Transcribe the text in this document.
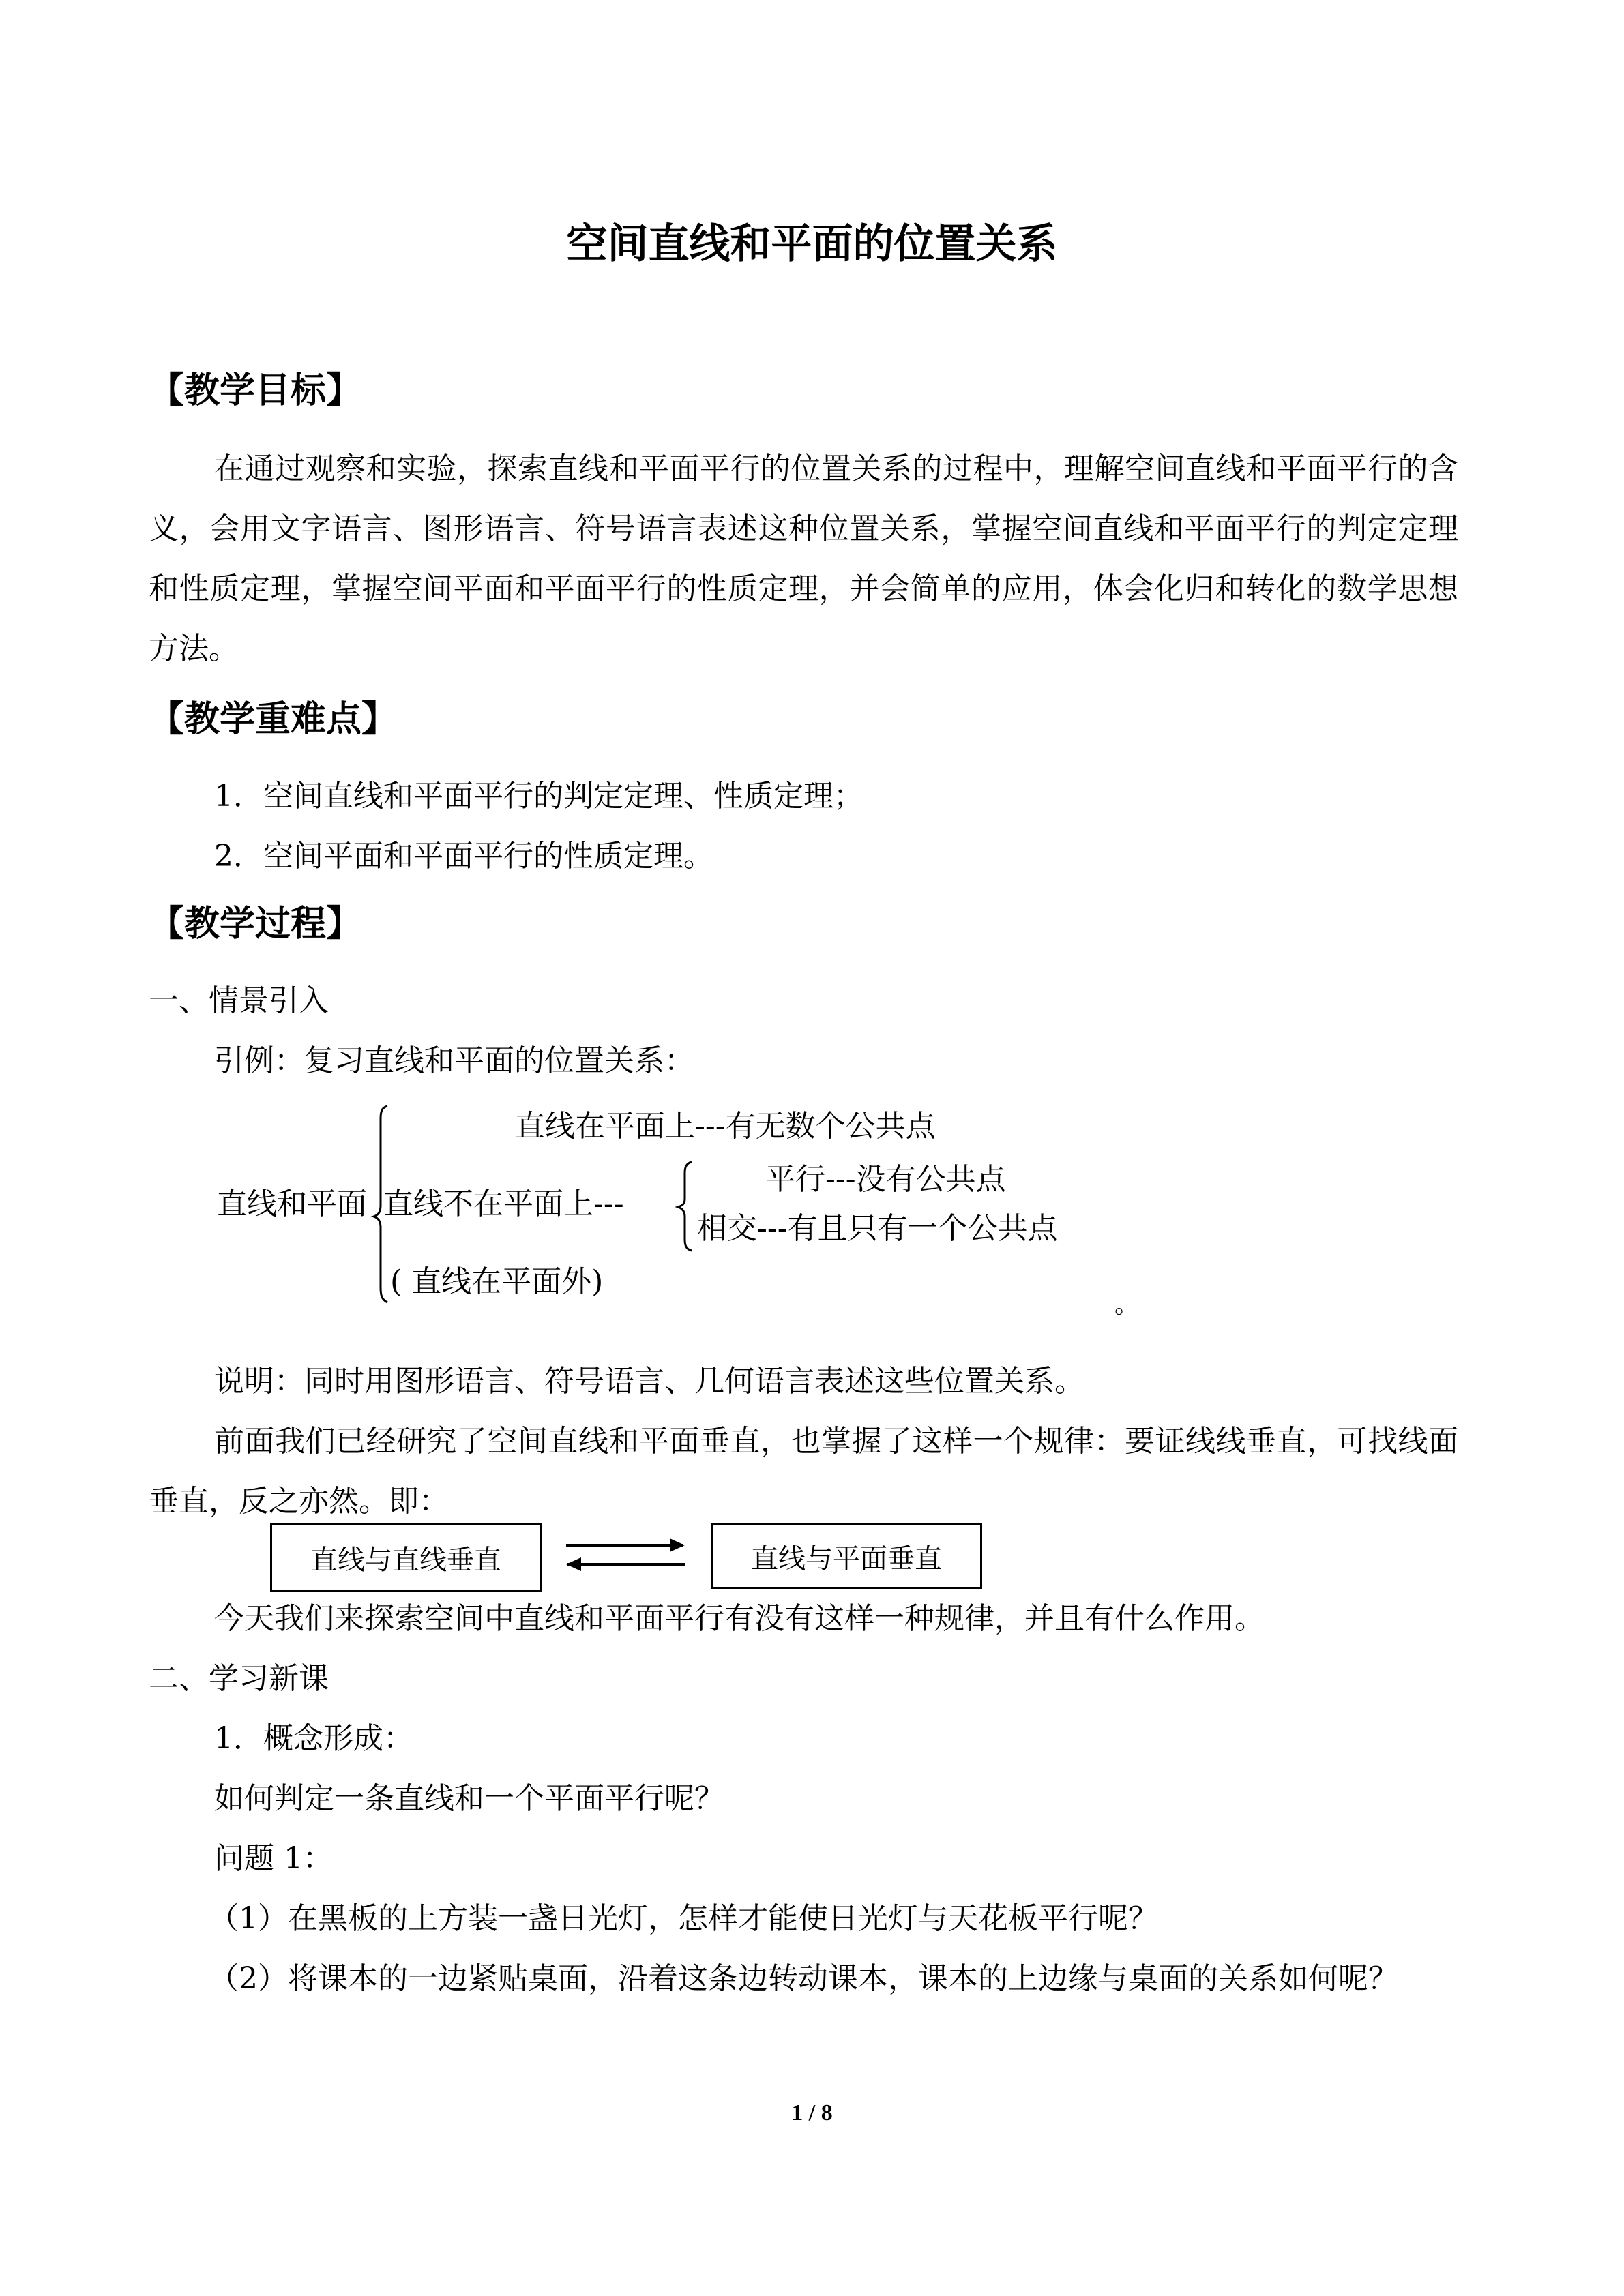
空间直线和平面的位置关系
【教学目标】
在通过观察和实验，探索直线和平面平行的位置关系的过程中，理解空间直线和平面平行的含义，会用文字语言、图形语言、符号语言表述这种位置关系，掌握空间直线和平面平行的判定定理和性质定理，掌握空间平面和平面平行的性质定理，并会简单的应用，体会化归和转化的数学思想方法。
【教学重难点】
1．空间直线和平面平行的判定定理、性质定理；
2．空间平面和平面平行的性质定理。
【教学过程】
一、情景引入
引例：复习直线和平面的位置关系：
直线在平面上---有无数个公共点
直线和平面 直线不在平面上---
平行---没有公共点
相交---有且只有一个公共点
( 直线在平面外)
。
说明：同时用图形语言、符号语言、几何语言表述这些位置关系。
前面我们已经研究了空间直线和平面垂直，也掌握了这样一个规律：要证线线垂直，可找线面垂直，反之亦然。即：
直线与直线垂直	直线与平面垂直
今天我们来探索空间中直线和平面平行有没有这样一种规律，并且有什么作用。
二、学习新课
1．概念形成：
如何判定一条直线和一个平面平行呢？
问题 1：
（1）在黑板的上方装一盏日光灯，怎样才能使日光灯与天花板平行呢？
（2）将课本的一边紧贴桌面，沿着这条边转动课本，课本的上边缘与桌面的关系如何呢？
1 / 8
